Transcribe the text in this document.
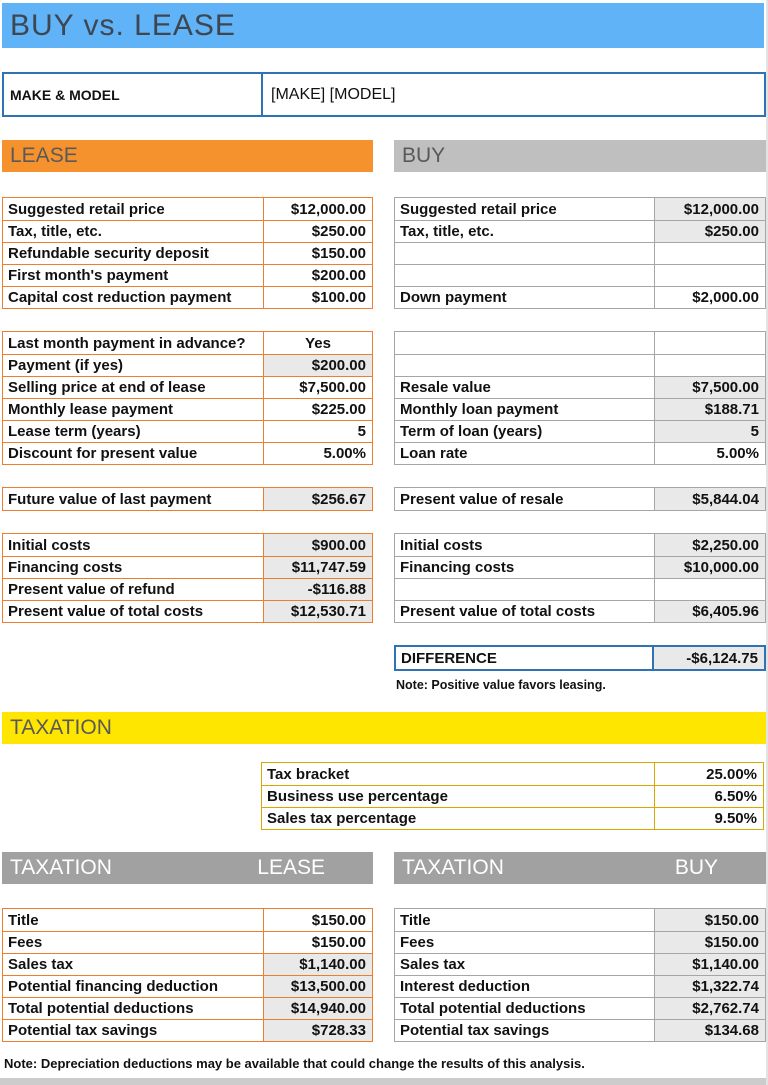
BUY vs. LEASE
MAKE & MODEL	[MAKE] [MODEL]
LEASE
Suggested retail price	$12,000.00
Tax, title, etc.	$250.00
Refundable security deposit	$150.00
First month's payment	$200.00
Capital cost reduction payment	$100.00
Last month payment in advance?	Yes
Payment (if yes)	$200.00
Selling price at end of lease	$7,500.00
Monthly lease payment	$225.00
Lease term (years)	5
Discount for present value	5.00%
Future value of last payment	$256.67
Initial costs	$900.00
Financing costs	$11,747.59
Present value of refund	-$116.88
Present value of total costs	$12,530.71
BUY
Suggested retail price	$12,000.00
Tax, title, etc.	$250.00
Down payment	$2,000.00
Resale value	$7,500.00
Monthly loan payment	$188.71
Term of loan (years)	5
Loan rate	5.00%
Present value of resale	$5,844.04
Initial costs	$2,250.00
Financing costs	$10,000.00
Present value of total costs	$6,405.96
DIFFERENCE	-$6,124.75
Note: Positive value favors leasing.
TAXATION
Tax bracket	25.00%
Business use percentage	6.50%
Sales tax percentage	9.50%
TAXATION	LEASE
Title	$150.00
Fees	$150.00
Sales tax	$1,140.00
Potential financing deduction	$13,500.00
Total potential deductions	$14,940.00
Potential tax savings	$728.33
TAXATION	BUY
Title	$150.00
Fees	$150.00
Sales tax	$1,140.00
Interest deduction	$1,322.74
Total potential deductions	$2,762.74
Potential tax savings	$134.68
Note: Depreciation deductions may be available that could change the results of this analysis.
